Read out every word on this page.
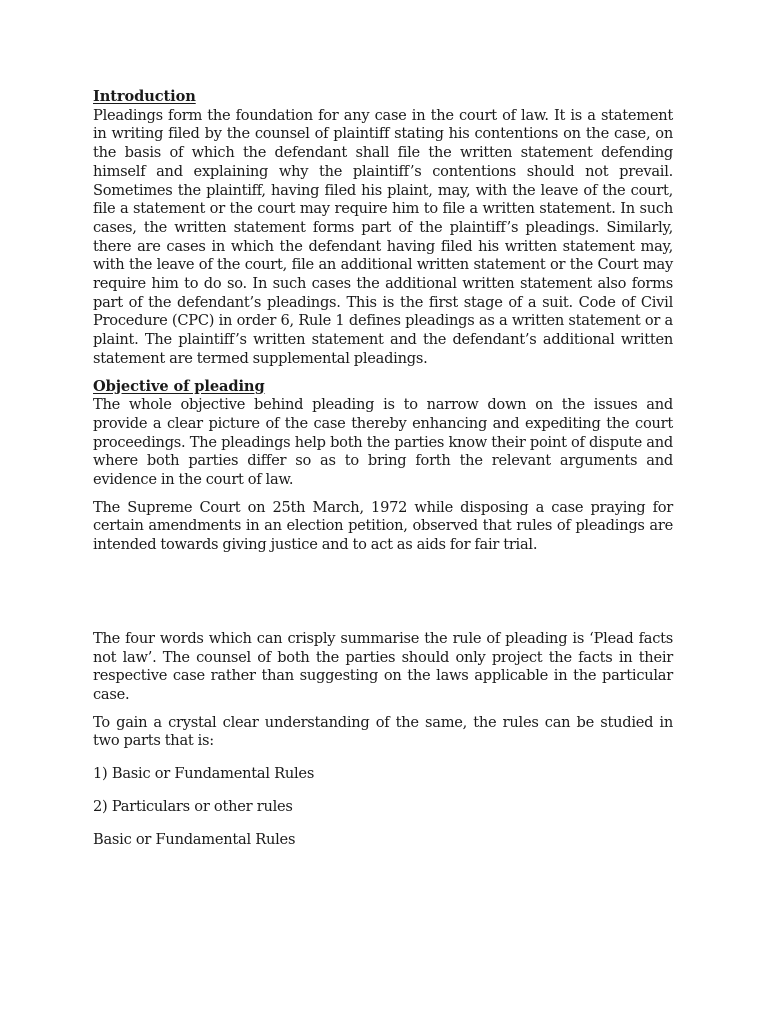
Introduction

Pleadings form the foundation for any case in the court of law. It is a statement in writing filed by the counsel of plaintiff stating his contentions on the case, on the basis of which the defendant shall file the written statement defending himself and explaining why the plaintiff’s contentions should not prevail. Sometimes the plaintiff, having filed his plaint, may, with the leave of the court, file a statement or the court may require him to file a written statement. In such cases, the written statement forms part of the plaintiff’s pleadings. Similarly, there are cases in which the defendant having filed his written statement may, with the leave of the court, file an additional written statement or the Court may require him to do so. In such cases the additional written statement also forms part of the defendant’s pleadings. This is the first stage of a suit. Code of Civil Procedure (CPC) in order 6, Rule 1 defines pleadings as a written statement or a plaint. The plaintiff’s written statement and the defendant’s additional written statement are termed supplemental pleadings.

Objective of pleading

The whole objective behind pleading is to narrow down on the issues and provide a clear picture of the case thereby enhancing and expediting the court proceedings. The pleadings help both the parties know their point of dispute and where both parties differ so as to bring forth the relevant arguments and evidence in the court of law.

The Supreme Court on 25th March, 1972 while disposing a case praying for certain amendments in an election petition, observed that rules of pleadings are intended towards giving justice and to act as aids for fair trial.

The four words which can crisply summarise the rule of pleading is ‘Plead facts not law’. The counsel of both the parties should only project the facts in their respective case rather than suggesting on the laws applicable in the particular case.

To gain a crystal clear understanding of the same, the rules can be studied in two parts that is:

1) Basic or Fundamental Rules

2) Particulars or other rules

Basic or Fundamental Rules
